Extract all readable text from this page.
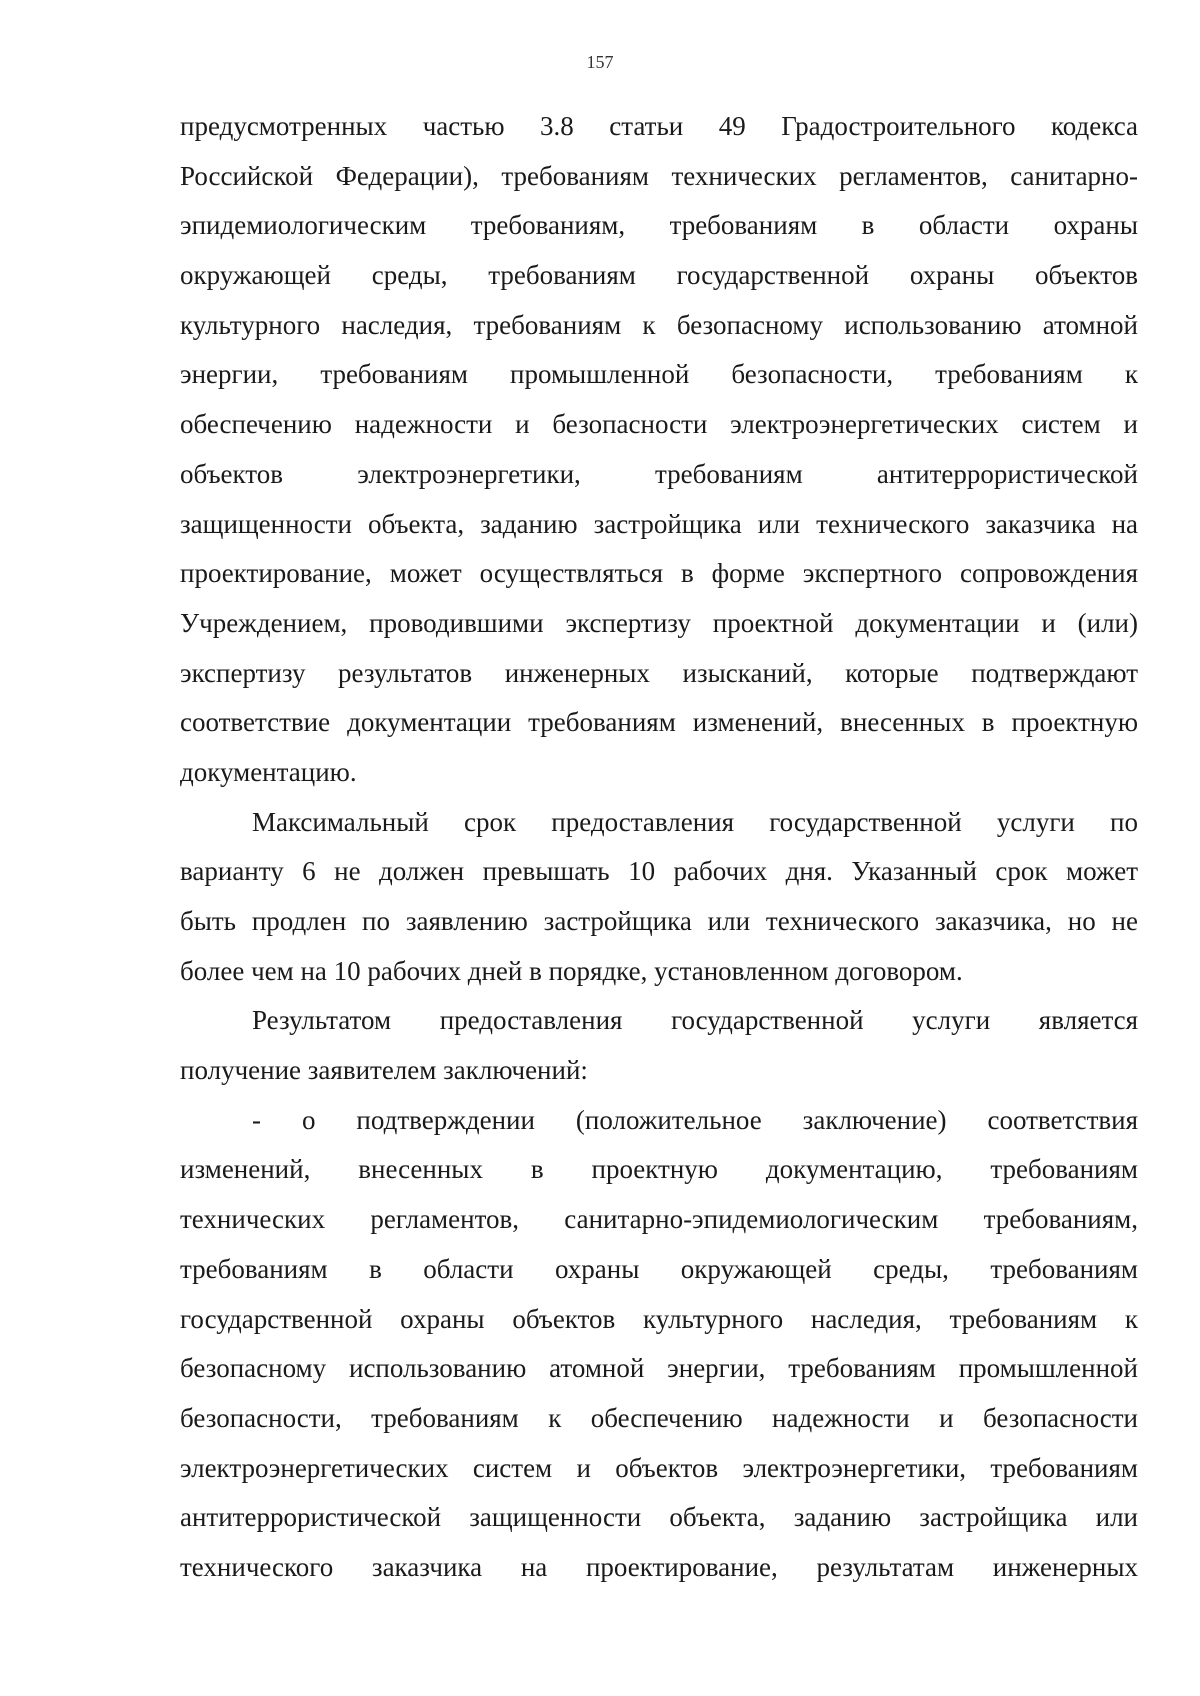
157
предусмотренных частью 3.8 статьи 49 Градостроительного кодекса
Российской Федерации), требованиям технических регламентов, санитарно-
эпидемиологическим требованиям, требованиям в области охраны
окружающей среды, требованиям государственной охраны объектов
культурного наследия, требованиям к безопасному использованию атомной
энергии, требованиям промышленной безопасности, требованиям к
обеспечению надежности и безопасности электроэнергетических систем и
объектов электроэнергетики, требованиям антитеррористической
защищенности объекта, заданию застройщика или технического заказчика на
проектирование, может осуществляться в форме экспертного сопровождения
Учреждением, проводившими экспертизу проектной документации и (или)
экспертизу результатов инженерных изысканий, которые подтверждают
соответствие документации требованиям изменений, внесенных в проектную
документацию.
Максимальный срок предоставления государственной услуги по
варианту 6 не должен превышать 10 рабочих дня. Указанный срок может
быть продлен по заявлению застройщика или технического заказчика, но не
более чем на 10 рабочих дней в порядке, установленном договором.
Результатом предоставления государственной услуги является
получение заявителем заключений:
- о подтверждении (положительное заключение) соответствия
изменений, внесенных в проектную документацию, требованиям
технических регламентов, санитарно-эпидемиологическим требованиям,
требованиям в области охраны окружающей среды, требованиям
государственной охраны объектов культурного наследия, требованиям к
безопасному использованию атомной энергии, требованиям промышленной
безопасности, требованиям к обеспечению надежности и безопасности
электроэнергетических систем и объектов электроэнергетики, требованиям
антитеррористической защищенности объекта, заданию застройщика или
технического заказчика на проектирование, результатам инженерных
